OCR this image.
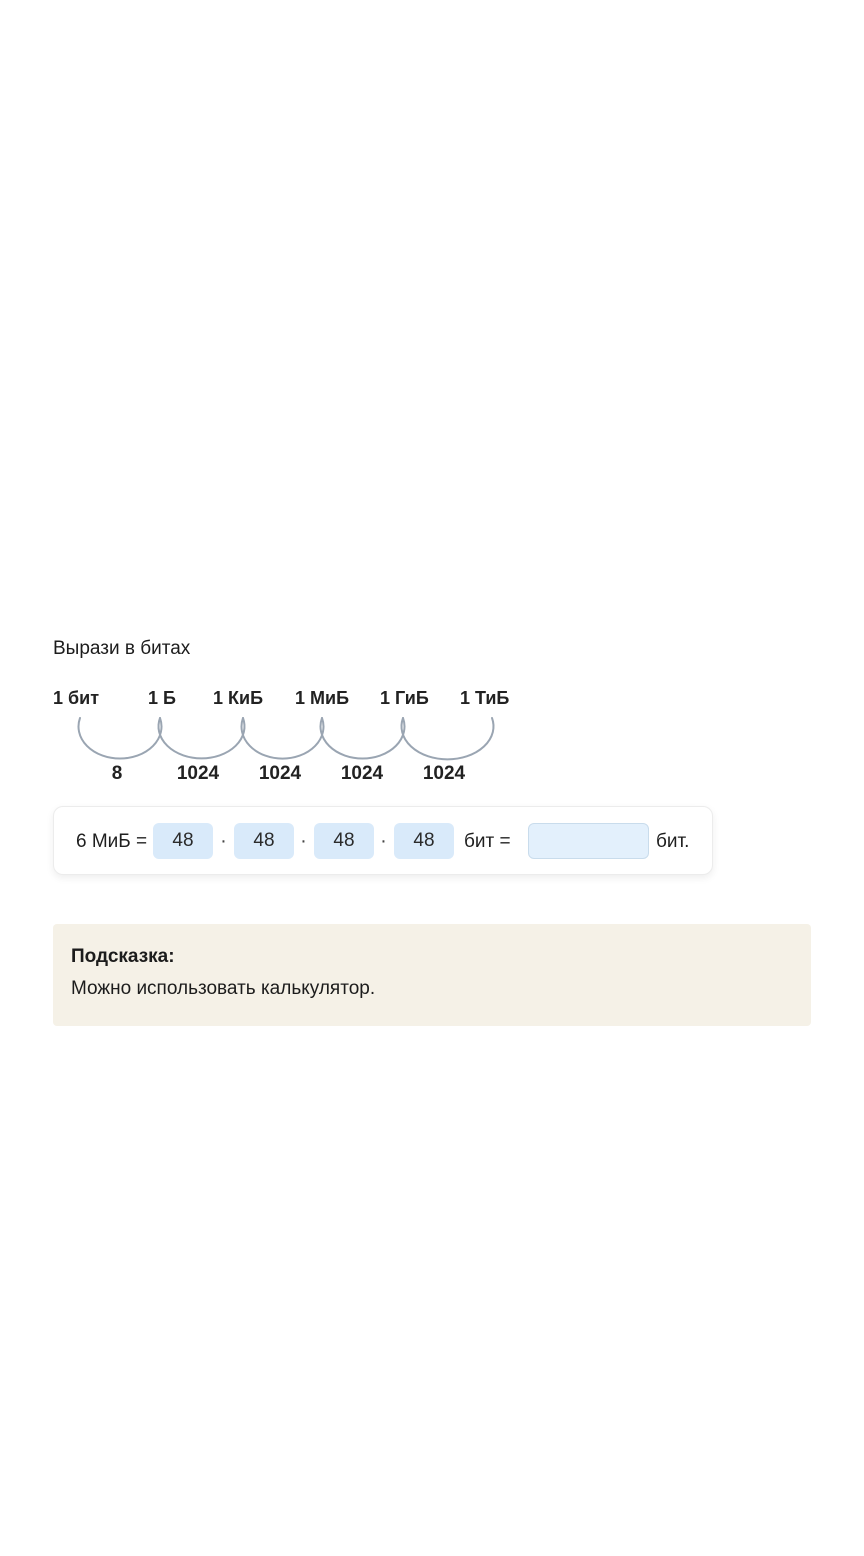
Вырази в битах
1 бит	1 Б 1 КиБ 1 МиБ 1 ГиБ 1 ТиБ
8	1024 1024 1024 1024
6 МиБ =
48	·
48	·
48	·
48	бит =	бит.

Подсказка:

Можно использовать калькулятор.
